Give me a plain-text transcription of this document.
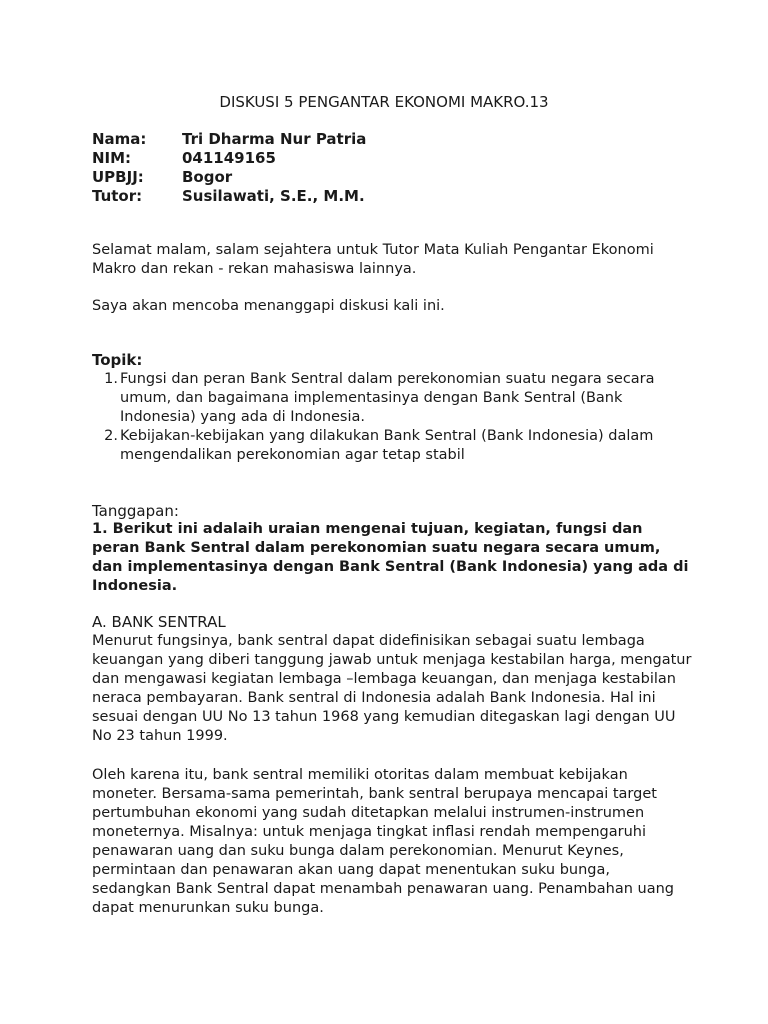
DISKUSI 5 PENGANTAR EKONOMI MAKRO.13
Nama:	Tri Dharma Nur Patria
NIM:	041149165
UPBJJ:	Bogor
Tutor:	Susilawati, S.E., M.M.
Selamat malam, salam sejahtera untuk Tutor Mata Kuliah Pengantar Ekonomi Makro dan rekan - rekan mahasiswa lainnya.
Saya akan mencoba menanggapi diskusi kali ini.
Topik:
1. Fungsi dan peran Bank Sentral dalam perekonomian suatu negara secara umum, dan bagaimana implementasinya dengan Bank Sentral (Bank Indonesia) yang ada di Indonesia.
2. Kebijakan-kebijakan yang dilakukan Bank Sentral (Bank Indonesia) dalam mengendalikan perekonomian agar tetap stabil
Tanggapan:
1. Berikut ini adalaih uraian mengenai tujuan, kegiatan, fungsi dan peran Bank Sentral dalam perekonomian suatu negara secara umum, dan implementasinya dengan Bank Sentral (Bank Indonesia) yang ada di Indonesia.
A. BANK SENTRAL
Menurut fungsinya, bank sentral dapat didefinisikan sebagai suatu lembaga keuangan yang diberi tanggung jawab untuk menjaga kestabilan harga, mengatur dan mengawasi kegiatan lembaga –lembaga keuangan, dan menjaga kestabilan neraca pembayaran. Bank sentral di Indonesia adalah Bank Indonesia. Hal ini sesuai dengan UU No 13 tahun 1968 yang kemudian ditegaskan lagi dengan UU No 23 tahun 1999.
Oleh karena itu, bank sentral memiliki otoritas dalam membuat kebijakan moneter. Bersama-sama pemerintah, bank sentral berupaya mencapai target pertumbuhan ekonomi yang sudah ditetapkan melalui instrumen-instrumen moneternya. Misalnya: untuk menjaga tingkat inflasi rendah mempengaruhi penawaran uang dan suku bunga dalam perekonomian. Menurut Keynes, permintaan dan penawaran akan uang dapat menentukan suku bunga, sedangkan Bank Sentral dapat menambah penawaran uang. Penambahan uang dapat menurunkan suku bunga.
